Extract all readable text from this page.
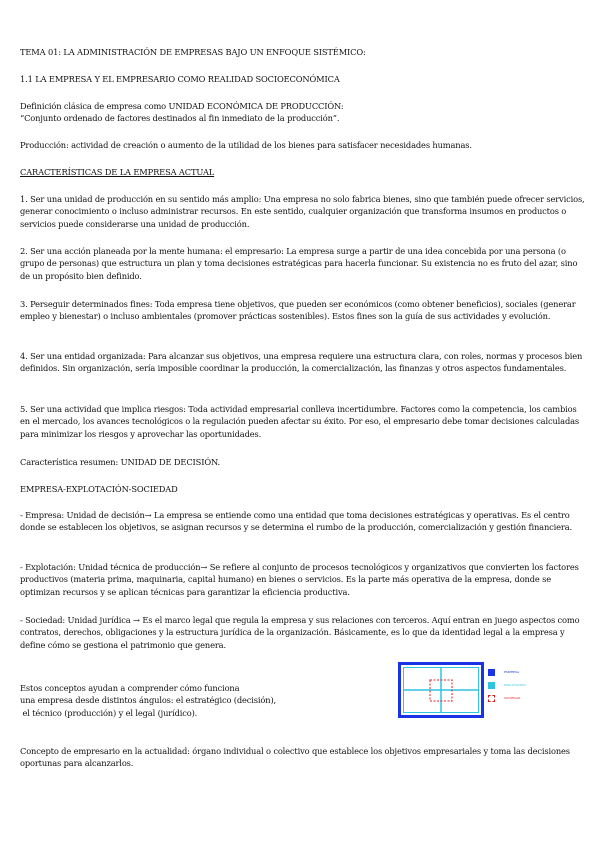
TEMA 01: LA ADMINISTRACIÓN DE EMPRESAS BAJO UN ENFOQUE SISTÉMICO:

1.1 LA EMPRESA Y EL EMPRESARIO COMO REALIDAD SOCIOECONÓMICA

Definición clásica de empresa como UNIDAD ECONÓMICA DE PRODUCCIÓN:
“Conjunto ordenado de factores destinados al fin inmediato de la producción”.

Producción: actividad de creación o aumento de la utilidad de los bienes para satisfacer necesidades humanas.

CARACTERÍSTICAS DE LA EMPRESA ACTUAL

1. Ser una unidad de producción en su sentido más amplio: Una empresa no solo fabrica bienes, sino que también puede ofrecer servicios, generar conocimiento o incluso administrar recursos. En este sentido, cualquier organización que transforma insumos en productos o servicios puede considerarse una unidad de producción.

2. Ser una acción planeada por la mente humana: el empresario: La empresa surge a partir de una idea concebida por una persona (o grupo de personas) que estructura un plan y toma decisiones estratégicas para hacerla funcionar. Su existencia no es fruto del azar, sino de un propósito bien definido.

3. Perseguir determinados fines: Toda empresa tiene objetivos, que pueden ser económicos (como obtener beneficios), sociales (generar empleo y bienestar) o incluso ambientales (promover prácticas sostenibles). Estos fines son la guía de sus actividades y evolución.

4. Ser una entidad organizada: Para alcanzar sus objetivos, una empresa requiere una estructura clara, con roles, normas y procesos bien definidos. Sin organización, sería imposible coordinar la producción, la comercialización, las finanzas y otros aspectos fundamentales.

5. Ser una actividad que implica riesgos: Toda actividad empresarial conlleva incertidumbre. Factores como la competencia, los cambios en el mercado, los avances tecnológicos o la regulación pueden afectar su éxito. Por eso, el empresario debe tomar decisiones calculadas para minimizar los riesgos y aprovechar las oportunidades.

Característica resumen: UNIDAD DE DECISIÓN.

EMPRESA-EXPLOTACIÓN-SOCIEDAD

- Empresa: Unidad de decisión→ La empresa se entiende como una entidad que toma decisiones estratégicas y operativas. Es el centro donde se establecen los objetivos, se asignan recursos y se determina el rumbo de la producción, comercialización y gestión financiera.

- Explotación: Unidad técnica de producción→ Se refiere al conjunto de procesos tecnológicos y organizativos que convierten los factores productivos (materia prima, maquinaria, capital humano) en bienes o servicios. Es la parte más operativa de la empresa, donde se optimizan recursos y se aplican técnicas para garantizar la eficiencia productiva.

- Sociedad: Unidad jurídica → Es el marco legal que regula la empresa y sus relaciones con terceros. Aquí entran en juego aspectos como contratos, derechos, obligaciones y la estructura jurídica de la organización. Básicamente, es lo que da identidad legal a la empresa y define cómo se gestiona el patrimonio que genera.

Estos conceptos ayudan a comprender cómo funciona
una empresa desde distintos ángulos: el estratégico (decisión),
el técnico (producción) y el legal (jurídico).

EMPRESA
EXPLOTACIÓN
SOCIEDAD

Concepto de empresario en la actualidad: órgano individual o colectivo que establece los objetivos empresariales y toma las decisiones oportunas para alcanzarlos.
